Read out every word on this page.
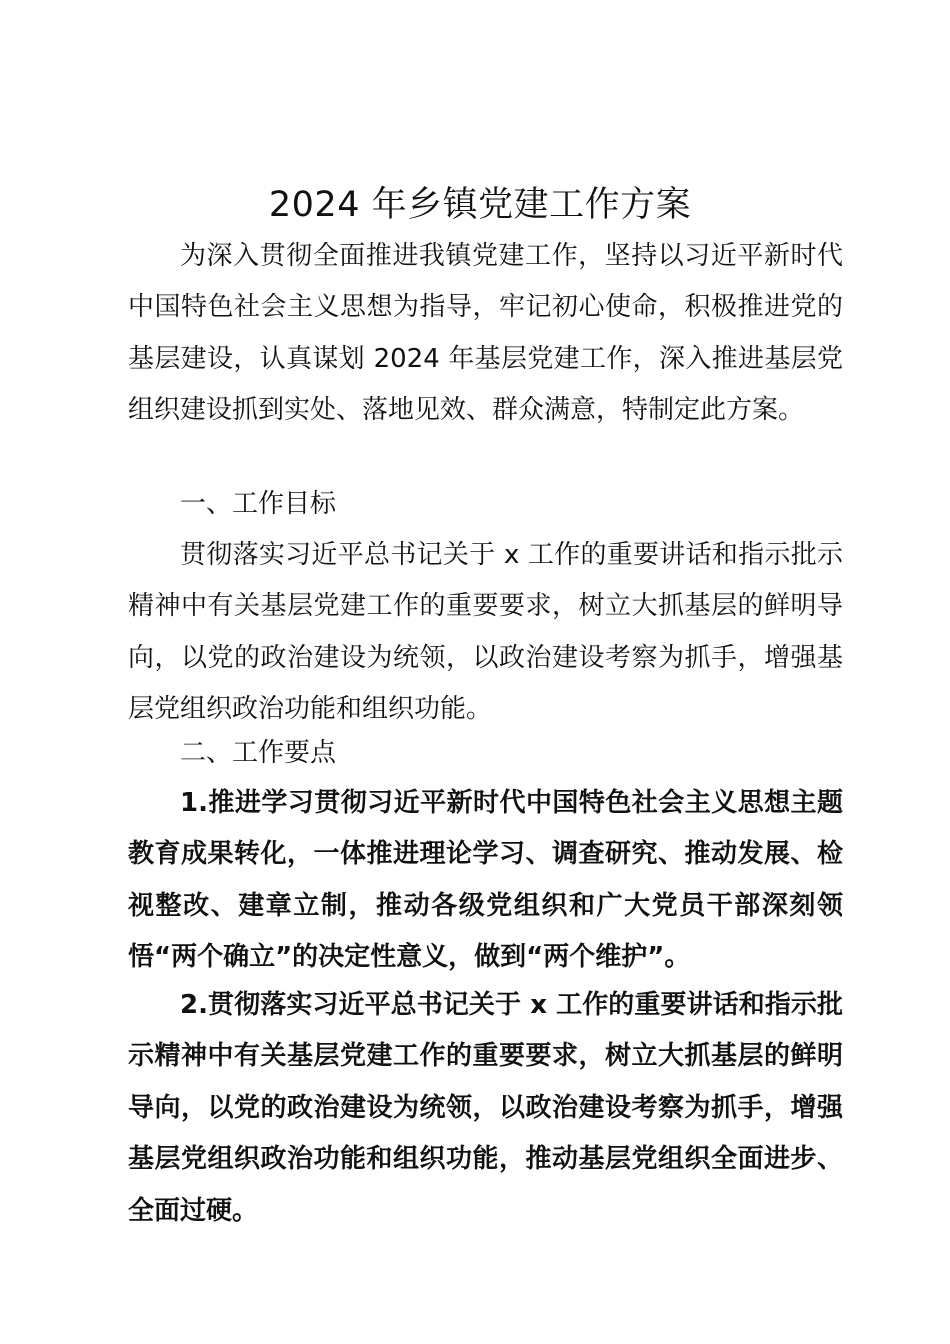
2024 年乡镇党建工作方案

为深入贯彻全面推进我镇党建工作，坚持以习近平新时代中国特色社会主义思想为指导，牢记初心使命，积极推进党的基层建设，认真谋划 2024 年基层党建工作，深入推进基层党组织建设抓到实处、落地见效、群众满意，特制定此方案。

一、工作目标

贯彻落实习近平总书记关于 x 工作的重要讲话和指示批示精神中有关基层党建工作的重要要求，树立大抓基层的鲜明导向，以党的政治建设为统领，以政治建设考察为抓手，增强基层党组织政治功能和组织功能。

二、工作要点

1.推进学习贯彻习近平新时代中国特色社会主义思想主题教育成果转化，一体推进理论学习、调查研究、推动发展、检视整改、建章立制，推动各级党组织和广大党员干部深刻领悟“两个确立”的决定性意义，做到“两个维护”。

2.贯彻落实习近平总书记关于 x 工作的重要讲话和指示批示精神中有关基层党建工作的重要要求，树立大抓基层的鲜明导向，以党的政治建设为统领，以政治建设考察为抓手，增强基层党组织政治功能和组织功能，推动基层党组织全面进步、全面过硬。
